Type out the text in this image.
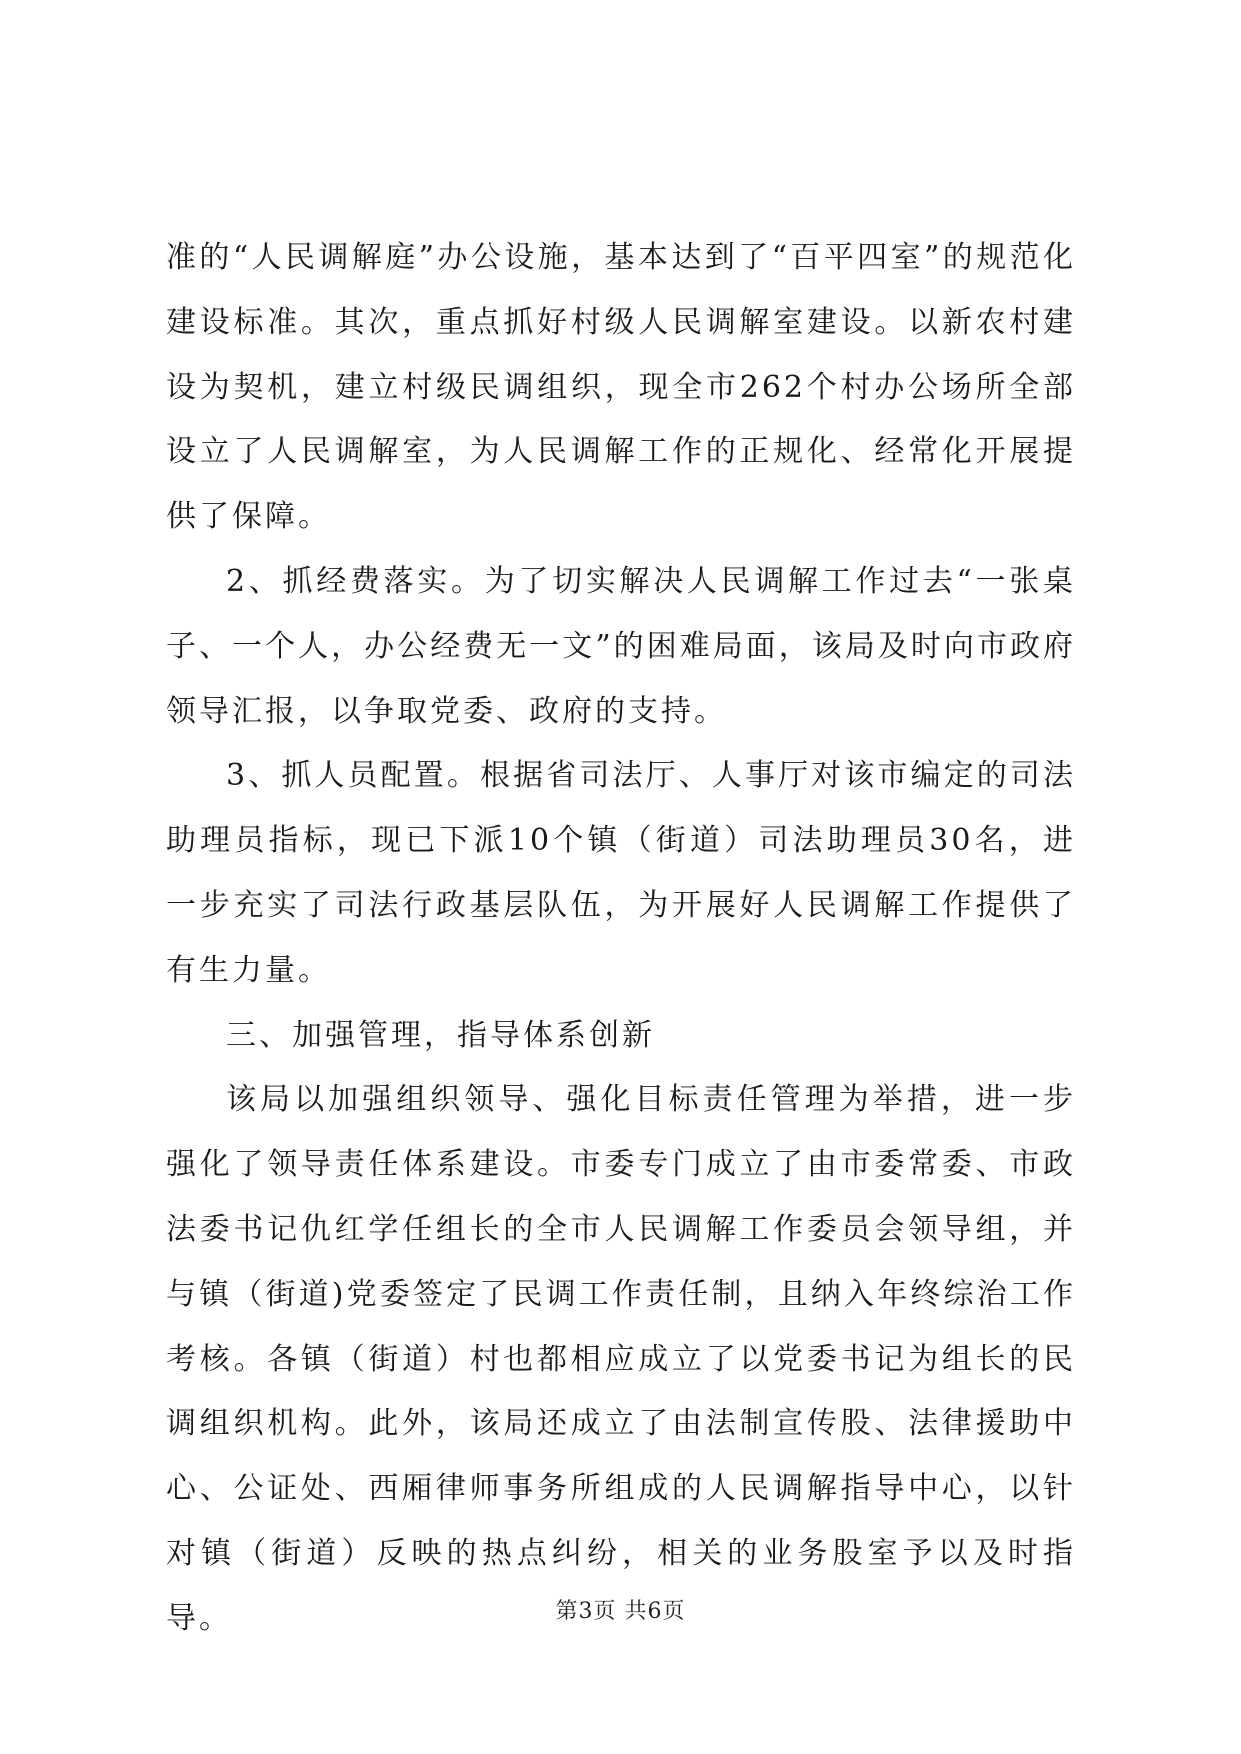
准的“人民调解庭”办公设施，基本达到了“百平四室”的规范化建设标准。其次，重点抓好村级人民调解室建设。以新农村建设为契机，建立村级民调组织，现全市262个村办公场所全部设立了人民调解室，为人民调解工作的正规化、经常化开展提供了保障。

2、抓经费落实。为了切实解决人民调解工作过去“一张桌子、一个人，办公经费无一文”的困难局面，该局及时向市政府领导汇报，以争取党委、政府的支持。

3、抓人员配置。根据省司法厅、人事厅对该市编定的司法助理员指标，现已下派10个镇（街道）司法助理员30名，进一步充实了司法行政基层队伍，为开展好人民调解工作提供了有生力量。

三、加强管理，指导体系创新

该局以加强组织领导、强化目标责任管理为举措，进一步强化了领导责任体系建设。市委专门成立了由市委常委、市政法委书记仇红学任组长的全市人民调解工作委员会领导组，并与镇（街道)党委签定了民调工作责任制，且纳入年终综治工作考核。各镇（街道）村也都相应成立了以党委书记为组长的民调组织机构。此外，该局还成立了由法制宣传股、法律援助中心、公证处、西厢律师事务所组成的人民调解指导中心，以针对镇（街道）反映的热点纠纷，相关的业务股室予以及时指导。	第3页 共6页
